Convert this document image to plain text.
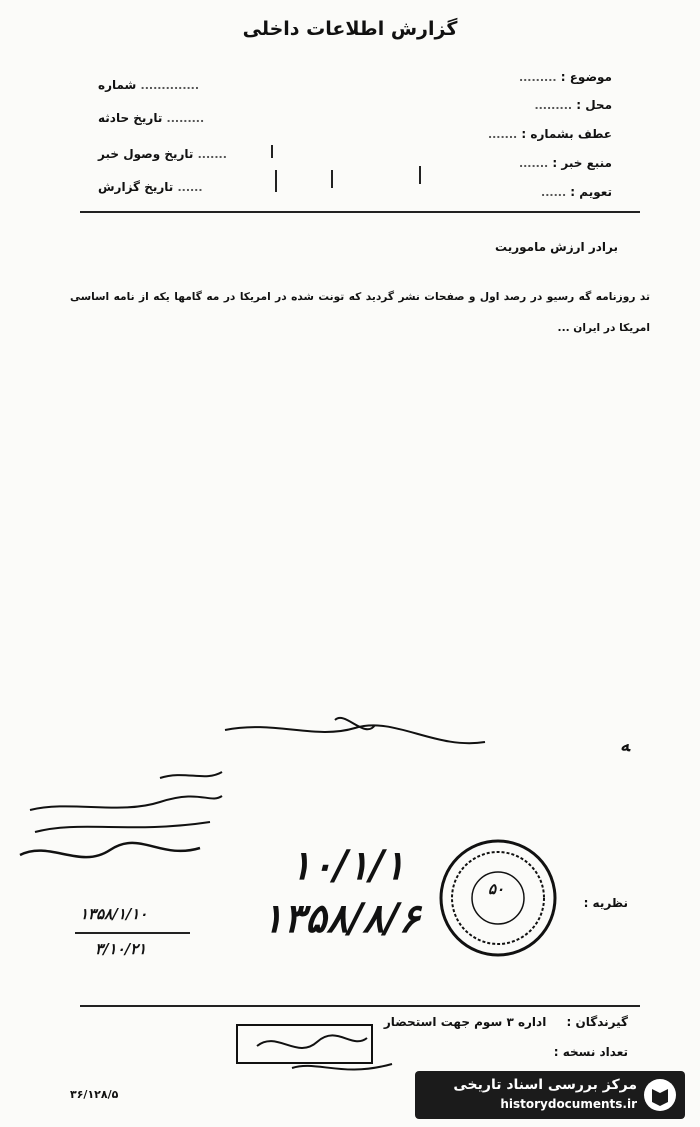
گزارش اطلاعات داخلی
موضوع : .........
محل : .........
عطف بشماره : .......
منبع خبر : .......
تعویم : ......
.............. شماره
......... تاریخ حادثه
....... تاریخ وصول خبر
...... تاریخ گزارش
برادر ارزش ماموریت
تد روزنامه گه رسیو در رصد اول و صفحات نشر گردید که تونت شده در امریکا در مه گامها یکه از نامه اساسی امریکا در ایران ...
ﻪ
۱۳۵۸/۱/۱۰
۳/۱۰/۲۱
۱۰/۱/۱
۱۳۵۸/۸/۶
۵۰
نظریه :
گیرندگان : اداره ۳ سوم جهت استحضار
تعداد نسخه :
۳۶/۱۲۸/۵
مرکز بررسی اسناد تاریخی
historydocuments.ir
